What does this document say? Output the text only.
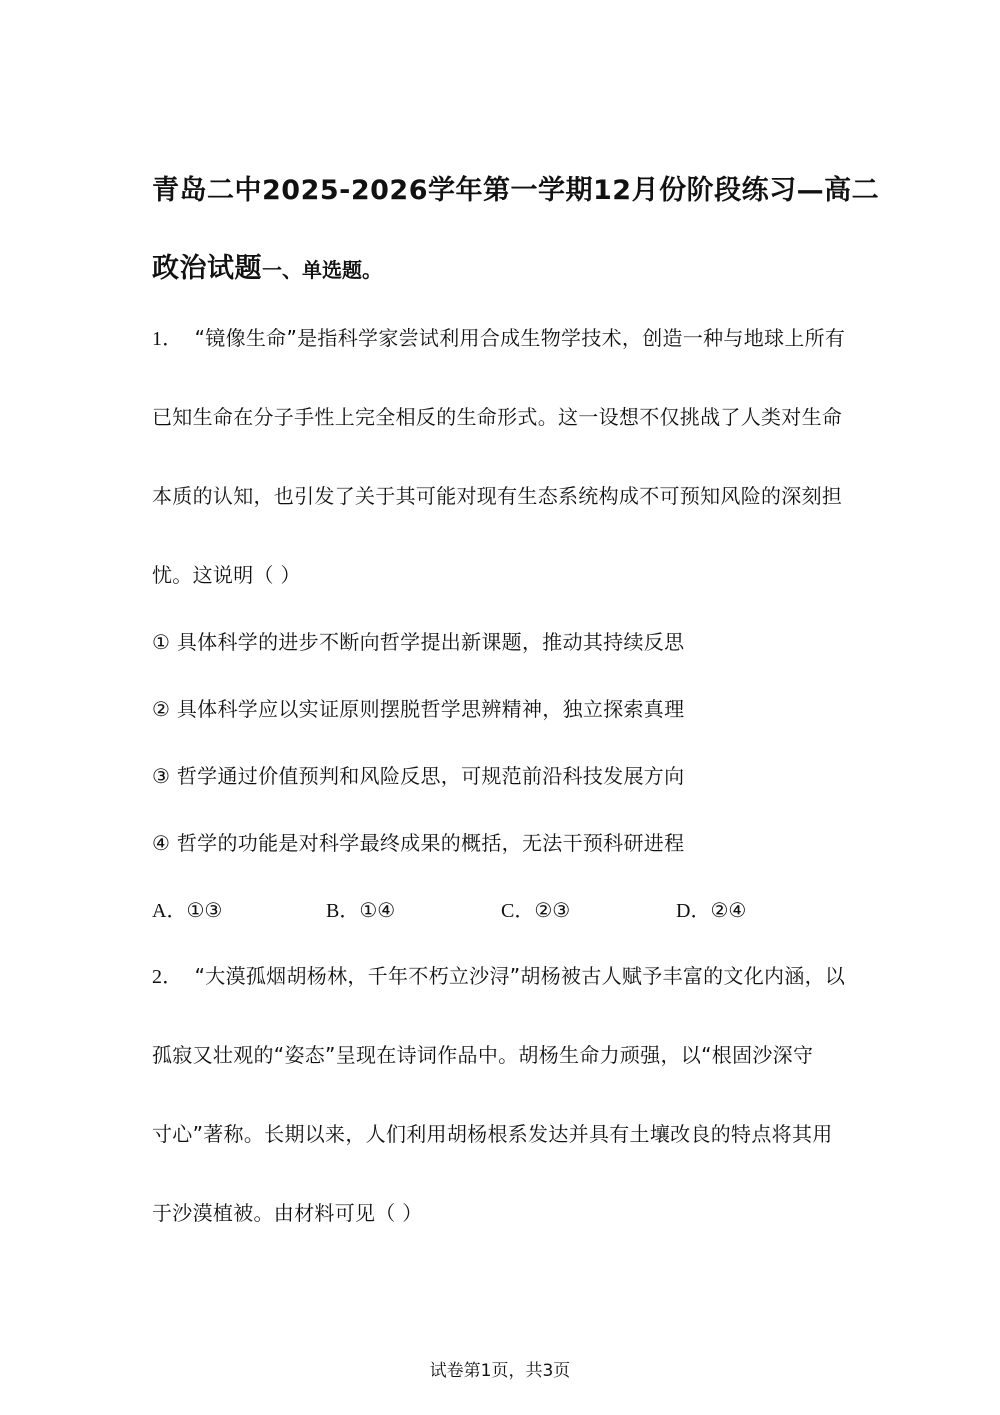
青岛二中2025-2026学年第一学期12月份阶段练习—高二
政治试题一、单选题。
1． “镜像生命”是指科学家尝试利用合成生物学技术，创造一种与地球上所有
已知生命在分子手性上完全相反的生命形式。这一设想不仅挑战了人类对生命
本质的认知，也引发了关于其可能对现有生态系统构成不可预知风险的深刻担
忧。这说明（ ）
① 具体科学的进步不断向哲学提出新课题，推动其持续反思
② 具体科学应以实证原则摆脱哲学思辨精神，独立探索真理
③ 哲学通过价值预判和风险反思，可规范前沿科技发展方向
④ 哲学的功能是对科学最终成果的概括，无法干预科研进程
A．①③	B．①④	C．②③	D．②④
2． “大漠孤烟胡杨林，千年不朽立沙浔”胡杨被古人赋予丰富的文化内涵，以
孤寂又壮观的“姿态”呈现在诗词作品中。胡杨生命力顽强，以“根固沙深守
寸心”著称。长期以来，人们利用胡杨根系发达并具有土壤改良的特点将其用
于沙漠植被。由材料可见（ ）
试卷第1页，共3页
